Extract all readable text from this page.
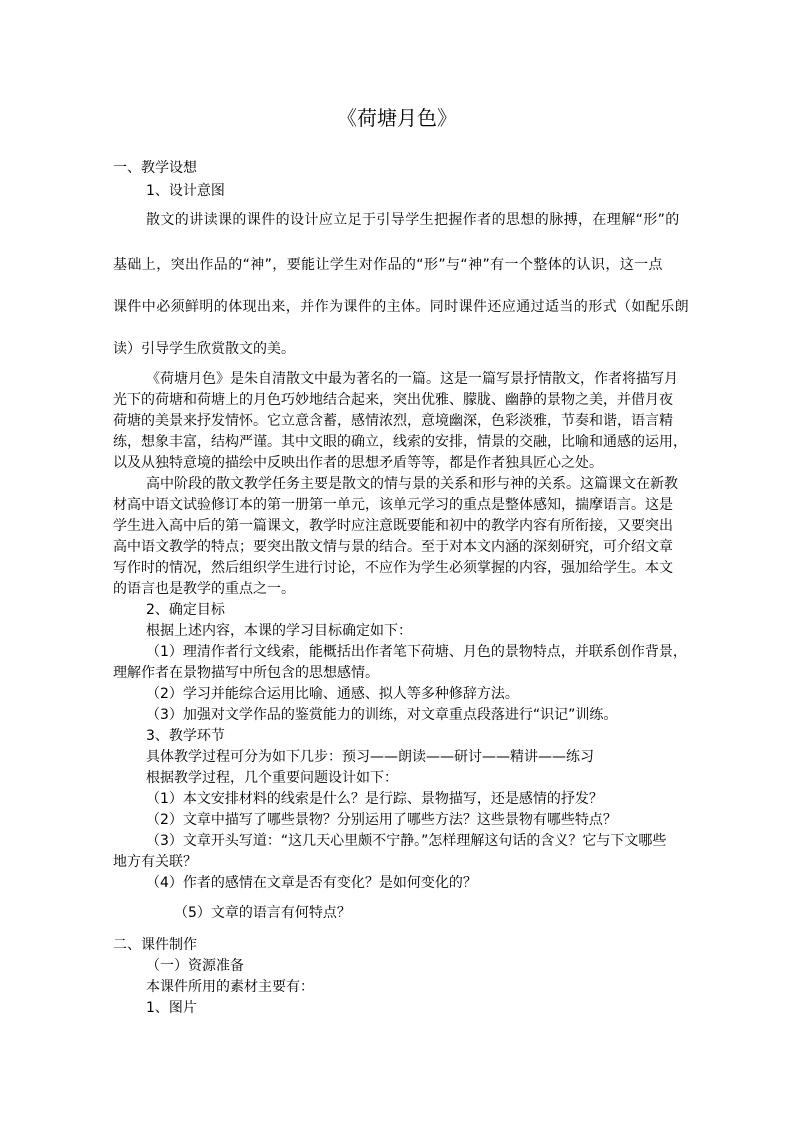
《荷塘月色》
一、教学设想
1、设计意图
散文的讲读课的课件的设计应立足于引导学生把握作者的思想的脉搏，在理解“形”的
基础上，突出作品的“神”，要能让学生对作品的“形”与“神”有一个整体的认识，这一点
课件中必须鲜明的体现出来，并作为课件的主体。同时课件还应通过适当的形式（如配乐朗
读）引导学生欣赏散文的美。
《荷塘月色》是朱自清散文中最为著名的一篇。这是一篇写景抒情散文，作者将描写月
光下的荷塘和荷塘上的月色巧妙地结合起来，突出优雅、朦胧、幽静的景物之美，并借月夜
荷塘的美景来抒发情怀。它立意含蓄，感情浓烈，意境幽深，色彩淡雅，节奏和谐，语言精
练，想象丰富，结构严谨。其中文眼的确立，线索的安排，情景的交融，比喻和通感的运用，
以及从独特意境的描绘中反映出作者的思想矛盾等等，都是作者独具匠心之处。
高中阶段的散文教学任务主要是散文的情与景的关系和形与神的关系。这篇课文在新教
材高中语文试验修订本的第一册第一单元，该单元学习的重点是整体感知，揣摩语言。这是
学生进入高中后的第一篇课文，教学时应注意既要能和初中的教学内容有所衔接，又要突出
高中语文教学的特点；要突出散文情与景的结合。至于对本文内涵的深刻研究，可介绍文章
写作时的情况，然后组织学生进行讨论，不应作为学生必须掌握的内容，强加给学生。本文
的语言也是教学的重点之一。
2、确定目标
根据上述内容，本课的学习目标确定如下：
（1）理清作者行文线索，能概括出作者笔下荷塘、月色的景物特点，并联系创作背景，
理解作者在景物描写中所包含的思想感情。
（2）学习并能综合运用比喻、通感、拟人等多种修辞方法。
（3）加强对文学作品的鉴赏能力的训练，对文章重点段落进行“识记”训练。
3、教学环节
具体教学过程可分为如下几步：预习——朗读——研讨——精讲——练习
根据教学过程，几个重要问题设计如下：
（1）本文安排材料的线索是什么？是行踪、景物描写，还是感情的抒发？
（2）文章中描写了哪些景物？分别运用了哪些方法？这些景物有哪些特点？
（3）文章开头写道：“这几天心里颇不宁静。”怎样理解这句话的含义？它与下文哪些
地方有关联？
（4）作者的感情在文章是否有变化？是如何变化的？
（5）文章的语言有何特点？
二、课件制作
（一）资源准备
本课件所用的素材主要有：
1、图片
